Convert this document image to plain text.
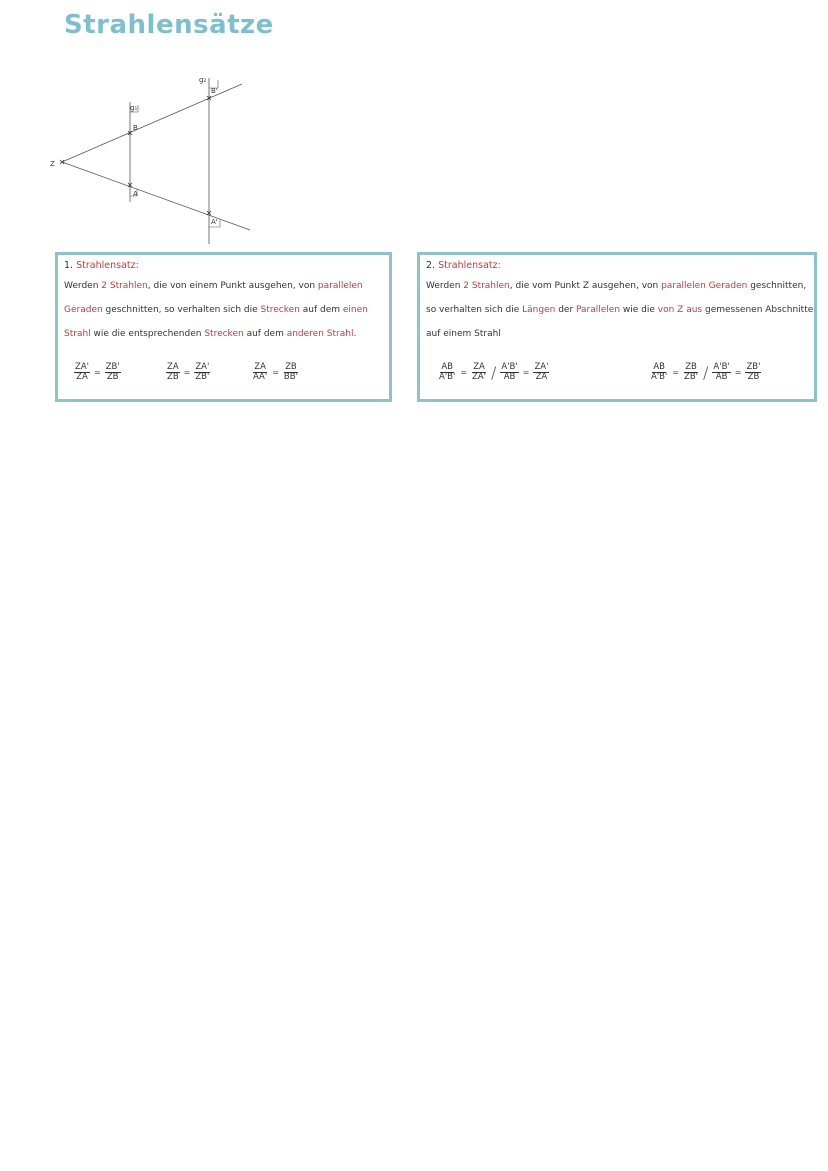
Strahlensätze
Z
B
A
B'
A'
g₁
g₂
1. Strahlensatz:
Werden 2 Strahlen, die von einem Punkt ausgehen, von parallelen
Geraden geschnitten, so verhalten sich die Strecken auf dem einen
Strahl wie die entsprechenden Strecken auf dem anderen Strahl.
$\frac{ZA'}{ZA} = \frac{ZB'}{ZB}$	$\frac{ZA}{ZB} = \frac{ZA'}{ZB'}$	$\frac{ZA}{AA'} = \frac{ZB}{BB'}$
2. Strahlensatz:
Werden 2 Strahlen, die vom Punkt Z ausgehen, von parallelen Geraden geschnitten,
so verhalten sich die Längen der Parallelen wie die von Z aus gemessenen Abschnitte
auf einem Strahl
$\frac{AB}{A'B'} = \frac{ZA}{ZA'} / \frac{A'B'}{AB} = \frac{ZA'}{ZA}$	$\frac{AB}{A'B'} = \frac{ZB}{ZB'} / \frac{A'B'}{AB} = \frac{ZB'}{ZB}$
